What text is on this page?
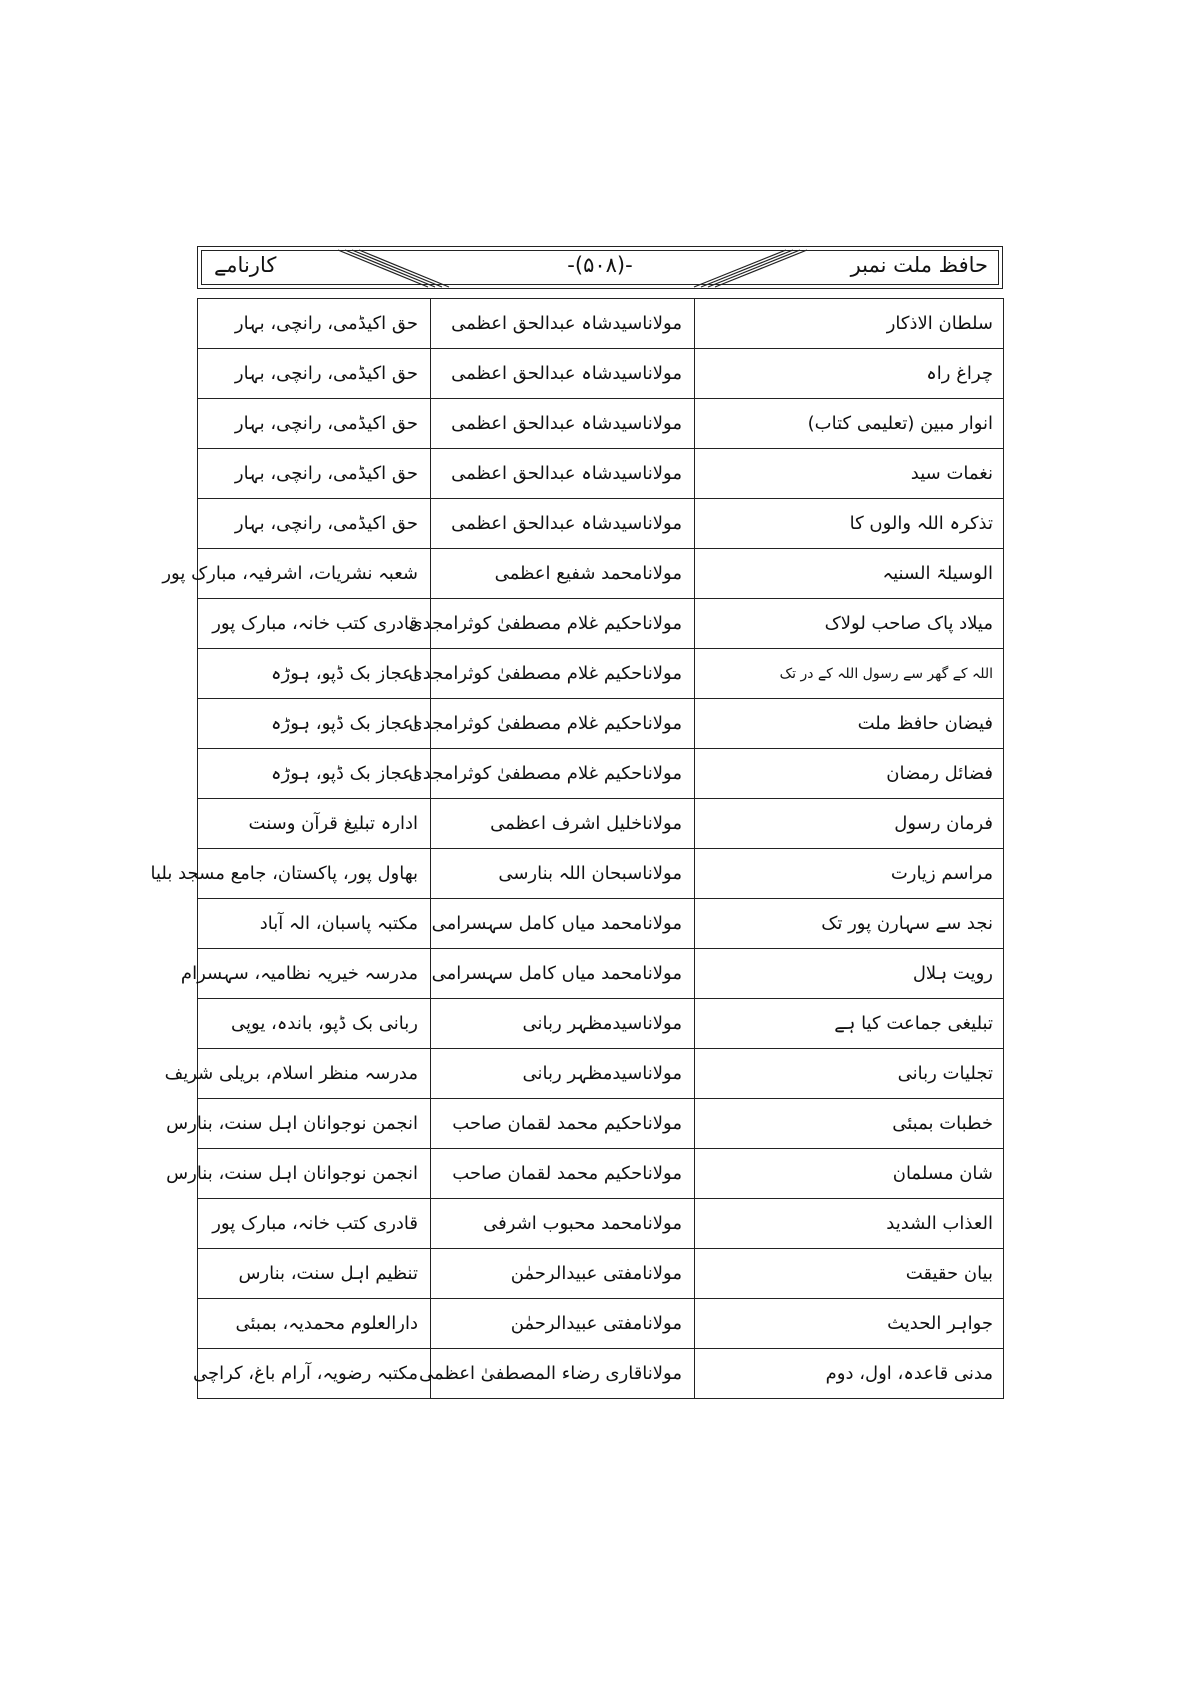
حافظ ملت نمبر
-(۵۰۸)-
کارنامے
سلطان الاذکار	مولاناسیدشاہ عبدالحق اعظمی	حق اکیڈمی، رانچی، بہار
چراغ راہ	مولاناسیدشاہ عبدالحق اعظمی	حق اکیڈمی، رانچی، بہار
انوار مبین (تعلیمی کتاب)	مولاناسیدشاہ عبدالحق اعظمی	حق اکیڈمی، رانچی، بہار
نغمات سید	مولاناسیدشاہ عبدالحق اعظمی	حق اکیڈمی، رانچی، بہار
تذکرہ اللہ والوں کا	مولاناسیدشاہ عبدالحق اعظمی	حق اکیڈمی، رانچی، بہار
الوسیلۃ السنیہ	مولانامحمد شفیع اعظمی	شعبہ نشریات، اشرفیہ، مبارک پور
میلاد پاک صاحب لولاک	مولاناحکیم غلام مصطفیٰ کوثرامجدی	قادری کتب خانہ، مبارک پور
اللہ کے گھر سے رسول اللہ کے در تک	مولاناحکیم غلام مصطفیٰ کوثرامجدی	اعجاز بک ڈپو، ہوڑہ
فیضان حافظ ملت	مولاناحکیم غلام مصطفیٰ کوثرامجدی	اعجاز بک ڈپو، ہوڑہ
فضائل رمضان	مولاناحکیم غلام مصطفیٰ کوثرامجدی	اعجاز بک ڈپو، ہوڑہ
فرمان رسول	مولاناخلیل اشرف اعظمی	ادارہ تبلیغ قرآن وسنت
مراسم زیارت	مولاناسبحان اللہ بنارسی	بھاول پور، پاکستان، جامع مسجد بلیا
نجد سے سہارن پور تک	مولانامحمد میاں کامل سہسرامی	مکتبہ پاسبان، الہ آباد
رویت ہلال	مولانامحمد میاں کامل سہسرامی	مدرسہ خیریہ نظامیہ، سہسرام
تبلیغی جماعت کیا ہے	مولاناسیدمظہر ربانی	ربانی بک ڈپو، باندہ، یوپی
تجلیات ربانی	مولاناسیدمظہر ربانی	مدرسہ منظر اسلام، بریلی شریف
خطبات بمبئی	مولاناحکیم محمد لقمان صاحب	انجمن نوجوانان اہل سنت، بنارس
شان مسلمان	مولاناحکیم محمد لقمان صاحب	انجمن نوجوانان اہل سنت، بنارس
العذاب الشدید	مولانامحمد محبوب اشرفی	قادری کتب خانہ، مبارک پور
بیان حقیقت	مولانامفتی عبیدالرحمٰن	تنظیم اہل سنت، بنارس
جواہر الحدیث	مولانامفتی عبیدالرحمٰن	دارالعلوم محمدیہ، بمبئی
مدنی قاعدہ، اول، دوم	مولاناقاری رضاء المصطفیٰ اعظمی	مکتبہ رضویہ، آرام باغ، کراچی
